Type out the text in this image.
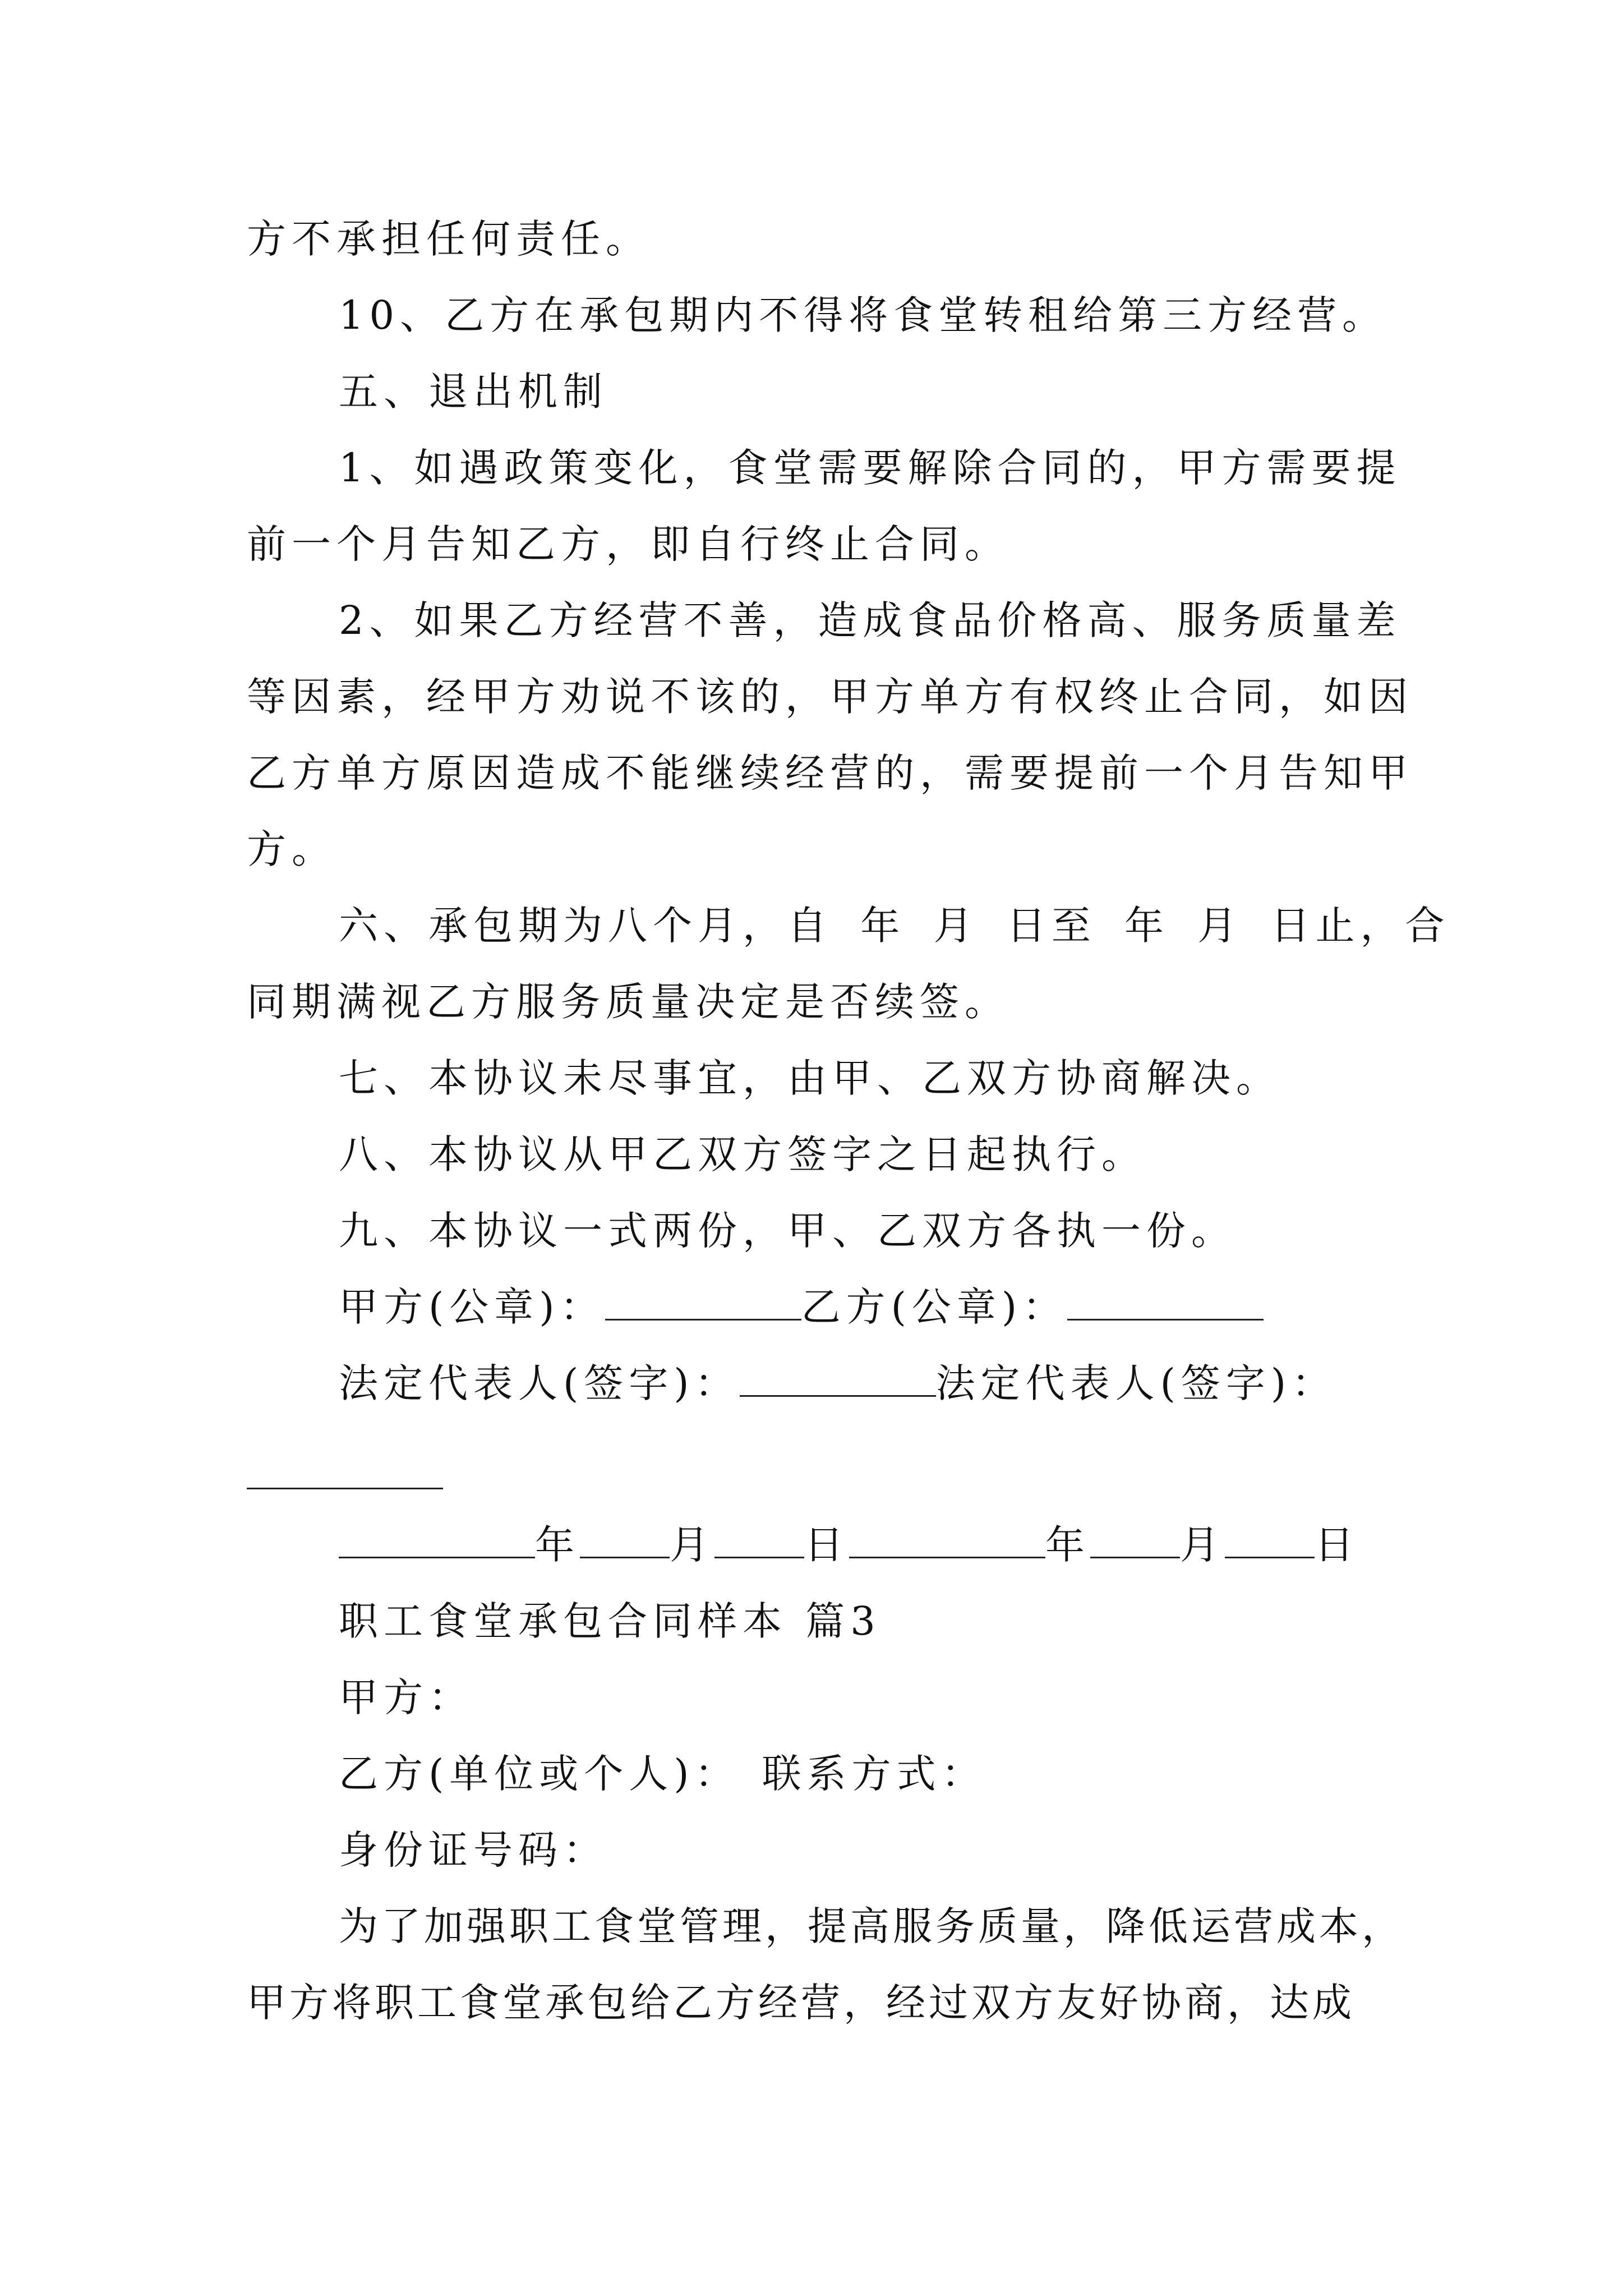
方不承担任何责任。
10、乙方在承包期内不得将食堂转租给第三方经营。
五、退出机制
1、如遇政策变化，食堂需要解除合同的，甲方需要提
前一个月告知乙方，即自行终止合同。
2、如果乙方经营不善，造成食品价格高、服务质量差
等因素，经甲方劝说不该的，甲方单方有权终止合同，如因
乙方单方原因造成不能继续经营的，需要提前一个月告知甲
方。
六、承包期为八个月，自 年 月 日至 年 月 日止，合
同期满视乙方服务质量决定是否续签。
七、本协议未尽事宜，由甲、乙双方协商解决。
八、本协议从甲乙双方签字之日起执行。
九、本协议一式两份，甲、乙双方各执一份。
甲方(公章)：	乙方(公章)：
法定代表人(签字)：	法定代表人(签字)：
年 月 日	年 月 日
职工食堂承包合同样本 篇3
甲方：
乙方(单位或个人)： 联系方式：
身份证号码：
为了加强职工食堂管理，提高服务质量，降低运营成本，
甲方将职工食堂承包给乙方经营，经过双方友好协商，达成
